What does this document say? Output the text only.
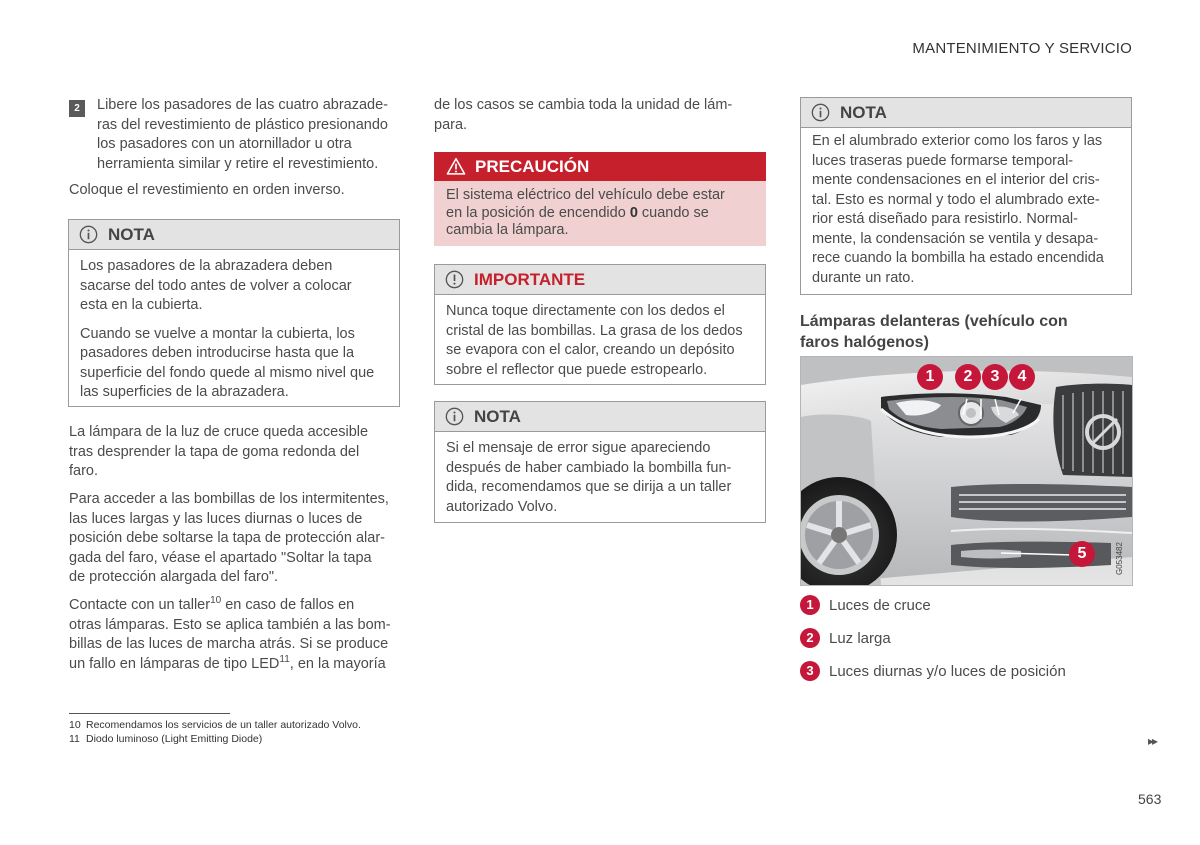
MANTENIMIENTO Y SERVICIO
2	Libere los pasadores de las cuatro abrazade-

ras del revestimiento de plástico presionando

los pasadores con un atornillador u otra

herramienta similar y retire el revestimiento.

Coloque el revestimiento en orden inverso.

NOTA

Los pasadores de la abrazadera deben

sacarse del todo antes de volver a colocar

esta en la cubierta.

Cuando se vuelve a montar la cubierta, los

pasadores deben introducirse hasta que la

superficie del fondo quede al mismo nivel que

las superficies de la abrazadera.

La lámpara de la luz de cruce queda accesible

tras desprender la tapa de goma redonda del

faro.

Para acceder a las bombillas de los intermitentes,

las luces largas y las luces diurnas o luces de

posición debe soltarse la tapa de protección alar-

gada del faro, véase el apartado "Soltar la tapa

de protección alargada del faro".

Contacte con un taller$^{10}$ en caso de fallos en

otras lámparas. Esto se aplica también a las bom-

billas de las luces de marcha atrás. Si se produce

un fallo en lámparas de tipo LED$^{11}$, en la mayoría

de los casos se cambia toda la unidad de lám-

para.

PRECAUCIÓN
El sistema eléctrico del vehículo debe estar
en la posición de encendido 0 cuando se
cambia la lámpara.
IMPORTANTE

Nunca toque directamente con los dedos el

cristal de las bombillas. La grasa de los dedos

se evapora con el calor, creando un depósito

sobre el reflector que puede estropearlo.

NOTA

Si el mensaje de error sigue apareciendo

después de haber cambiado la bombilla fun-

dida, recomendamos que se dirija a un taller

autorizado Volvo.

NOTA

En el alumbrado exterior como los faros y las

luces traseras puede formarse temporal-

mente condensaciones en el interior del cris-

tal. Esto es normal y todo el alumbrado exte-

rior está diseñado para resistirlo. Normal-

mente, la condensación se ventila y desapa-

rece cuando la bombilla ha estado encendida

durante un rato.

Lámparas delanteras (vehículo con
faros halógenos)
G053482
1	2	3	4
5
1 Luces de cruce
2 Luz larga
3 Luces diurnas y/o luces de posición
10 Recomendamos los servicios de un taller autorizado Volvo.
11 Diodo luminoso (Light Emitting Diode)	▸▸
563
